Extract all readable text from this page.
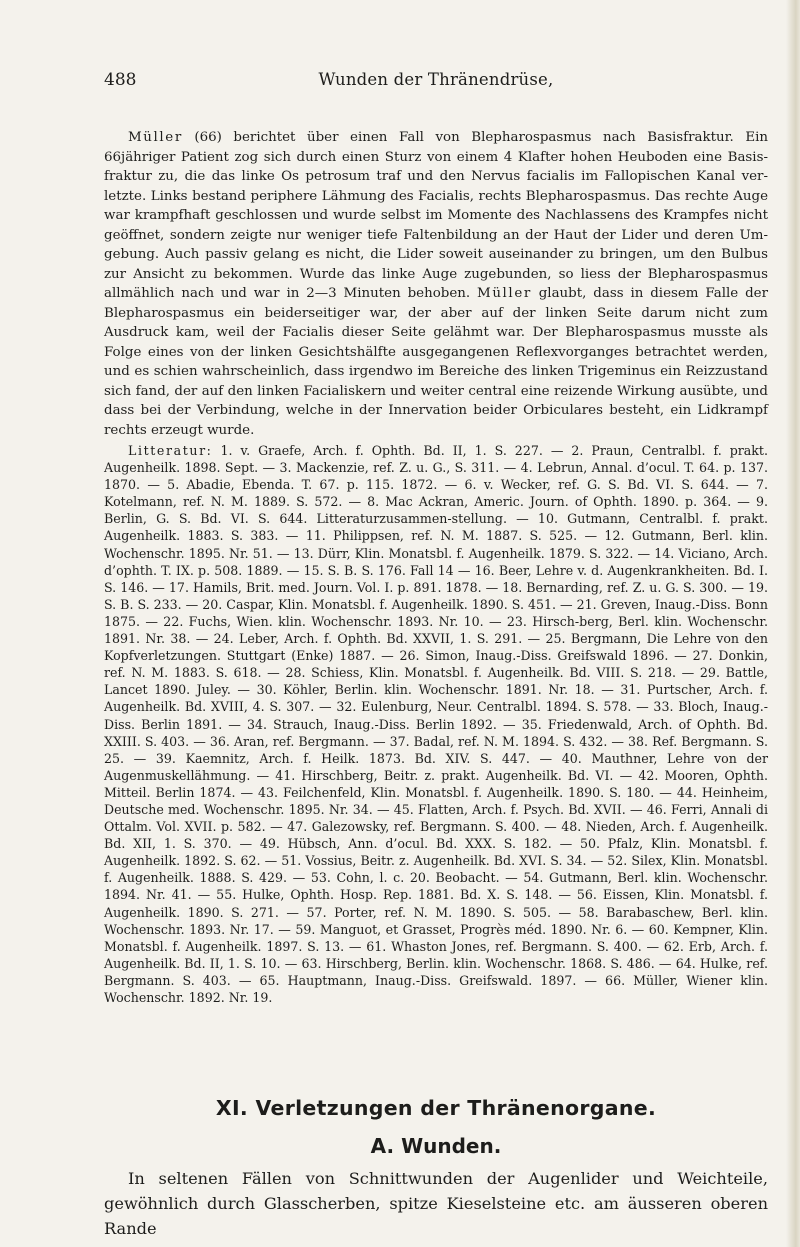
488	Wunden der Thränendrüse,

Müller (66) berichtet über einen Fall von Blepharospasmus nach Basisfraktur. Ein 66jähriger Patient zog sich durch einen Sturz von einem 4 Klafter hohen Heuboden eine Basis-fraktur zu, die das linke Os petrosum traf und den Nervus facialis im Fallopischen Kanal ver-letzte. Links bestand periphere Lähmung des Facialis, rechts Blepharospasmus. Das rechte Auge war krampfhaft geschlossen und wurde selbst im Momente des Nachlassens des Krampfes nicht geöffnet, sondern zeigte nur weniger tiefe Faltenbildung an der Haut der Lider und deren Um-gebung. Auch passiv gelang es nicht, die Lider soweit auseinander zu bringen, um den Bulbus zur Ansicht zu bekommen. Wurde das linke Auge zugebunden, so liess der Blepharospasmus allmählich nach und war in 2—3 Minuten behoben. Müller glaubt, dass in diesem Falle der Blepharospasmus ein beiderseitiger war, der aber auf der linken Seite darum nicht zum Ausdruck kam, weil der Facialis dieser Seite gelähmt war. Der Blepharospasmus musste als Folge eines von der linken Gesichtshälfte ausgegangenen Reflexvorganges betrachtet werden, und es schien wahrscheinlich, dass irgendwo im Bereiche des linken Trigeminus ein Reizzustand sich fand, der auf den linken Facialiskern und weiter central eine reizende Wirkung ausübte, und dass bei der Verbindung, welche in der Innervation beider Orbiculares besteht, ein Lidkrampf rechts erzeugt wurde.

Litteratur: 1. v. Graefe, Arch. f. Ophth. Bd. II, 1. S. 227. — 2. Praun, Centralbl. f. prakt. Augenheilk. 1898. Sept. — 3. Mackenzie, ref. Z. u. G., S. 311. — 4. Lebrun, Annal. d’ocul. T. 64. p. 137. 1870. — 5. Abadie, Ebenda. T. 67. p. 115. 1872. — 6. v. Wecker, ref. G. S. Bd. VI. S. 644. — 7. Kotelmann, ref. N. M. 1889. S. 572. — 8. Mac Ackran, Americ. Journ. of Ophth. 1890. p. 364. — 9. Berlin, G. S. Bd. VI. S. 644. Litteraturzusammen-stellung. — 10. Gutmann, Centralbl. f. prakt. Augenheilk. 1883. S. 383. — 11. Philippsen, ref. N. M. 1887. S. 525. — 12. Gutmann, Berl. klin. Wochenschr. 1895. Nr. 51. — 13. Dürr, Klin. Monatsbl. f. Augenheilk. 1879. S. 322. — 14. Viciano, Arch. d’ophth. T. IX. p. 508. 1889. — 15. S. B. S. 176. Fall 14 — 16. Beer, Lehre v. d. Augenkrankheiten. Bd. I. S. 146. — 17. Hamils, Brit. med. Journ. Vol. I. p. 891. 1878. — 18. Bernarding, ref. Z. u. G. S. 300. — 19. S. B. S. 233. — 20. Caspar, Klin. Monatsbl. f. Augenheilk. 1890. S. 451. — 21. Greven, Inaug.-Diss. Bonn 1875. — 22. Fuchs, Wien. klin. Wochenschr. 1893. Nr. 10. — 23. Hirsch-berg, Berl. klin. Wochenschr. 1891. Nr. 38. — 24. Leber, Arch. f. Ophth. Bd. XXVII, 1. S. 291. — 25. Bergmann, Die Lehre von den Kopfverletzungen. Stuttgart (Enke) 1887. — 26. Simon, Inaug.-Diss. Greifswald 1896. — 27. Donkin, ref. N. M. 1883. S. 618. — 28. Schiess, Klin. Monatsbl. f. Augenheilk. Bd. VIII. S. 218. — 29. Battle, Lancet 1890. Juley. — 30. Köhler, Berlin. klin. Wochenschr. 1891. Nr. 18. — 31. Purtscher, Arch. f. Augenheilk. Bd. XVIII, 4. S. 307. — 32. Eulenburg, Neur. Centralbl. 1894. S. 578. — 33. Bloch, Inaug.-Diss. Berlin 1891. — 34. Strauch, Inaug.-Diss. Berlin 1892. — 35. Friedenwald, Arch. of Ophth. Bd. XXIII. S. 403. — 36. Aran, ref. Bergmann. — 37. Badal, ref. N. M. 1894. S. 432. — 38. Ref. Bergmann. S. 25. — 39. Kaemnitz, Arch. f. Heilk. 1873. Bd. XIV. S. 447. — 40. Mauthner, Lehre von der Augenmuskellähmung. — 41. Hirschberg, Beitr. z. prakt. Augenheilk. Bd. VI. — 42. Mooren, Ophth. Mitteil. Berlin 1874. — 43. Feilchenfeld, Klin. Monatsbl. f. Augenheilk. 1890. S. 180. — 44. Heinheim, Deutsche med. Wochenschr. 1895. Nr. 34. — 45. Flatten, Arch. f. Psych. Bd. XVII. — 46. Ferri, Annali di Ottalm. Vol. XVII. p. 582. — 47. Galezowsky, ref. Bergmann. S. 400. — 48. Nieden, Arch. f. Augenheilk. Bd. XII, 1. S. 370. — 49. Hübsch, Ann. d’ocul. Bd. XXX. S. 182. — 50. Pfalz, Klin. Monatsbl. f. Augenheilk. 1892. S. 62. — 51. Vossius, Beitr. z. Augenheilk. Bd. XVI. S. 34. — 52. Silex, Klin. Monatsbl. f. Augenheilk. 1888. S. 429. — 53. Cohn, l. c. 20. Beobacht. — 54. Gutmann, Berl. klin. Wochenschr. 1894. Nr. 41. — 55. Hulke, Ophth. Hosp. Rep. 1881. Bd. X. S. 148. — 56. Eissen, Klin. Monatsbl. f. Augenheilk. 1890. S. 271. — 57. Porter, ref. N. M. 1890. S. 505. — 58. Barabaschew, Berl. klin. Wochenschr. 1893. Nr. 17. — 59. Manguot, et Grasset, Progrès méd. 1890. Nr. 6. — 60. Kempner, Klin. Monatsbl. f. Augenheilk. 1897. S. 13. — 61. Whaston Jones, ref. Bergmann. S. 400. — 62. Erb, Arch. f. Augenheilk. Bd. II, 1. S. 10. — 63. Hirschberg, Berlin. klin. Wochenschr. 1868. S. 486. — 64. Hulke, ref. Bergmann. S. 403. — 65. Hauptmann, Inaug.-Diss. Greifswald. 1897. — 66. Müller, Wiener klin. Wochenschr. 1892. Nr. 19.

XI. Verletzungen der Thränenorgane.
A. Wunden.

In seltenen Fällen von Schnittwunden der Augenlider und Weichteile, gewöhnlich durch Glasscherben, spitze Kieselsteine etc. am äusseren oberen Rande
